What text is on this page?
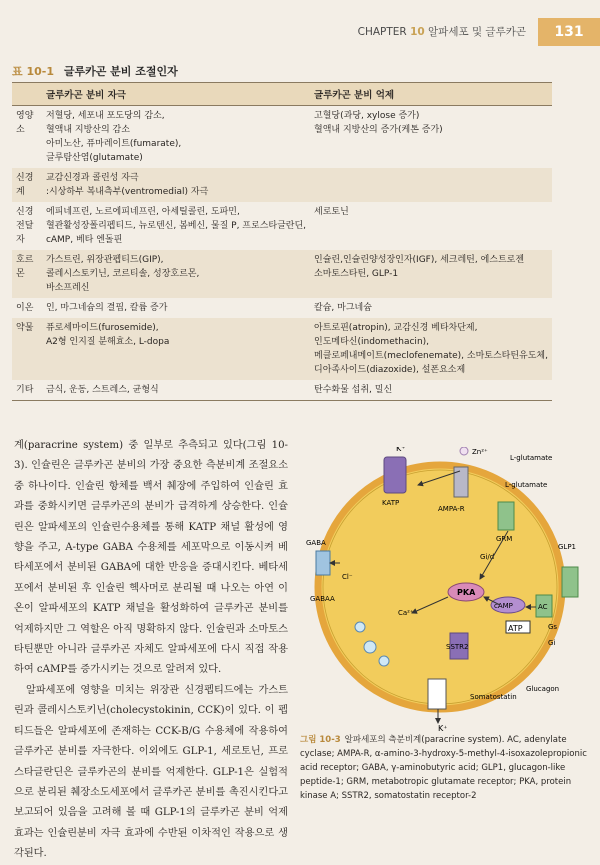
CHAPTER 10 알파세포 및 글루카곤	131
표 10-1 글루카곤 분비 조절인자
	글루카곤 분비 자극	글루카곤 분비 억제
영양소	저혈당, 세포내 포도당의 감소,
혈액내 지방산의 감소
아미노산, 퓨마레이트(fumarate),
글루탐산염(glutamate)	고혈당(과당, xylose 증가)
혈액내 지방산의 증가(케톤 증가)

신경계	교감신경과 콜린성 자극
:시상하부 복내측부(ventromedial) 자극	

신경전달자	에피네프린, 노르에피네프린, 아세틸콜린, 도파민,
혈관활성장폴리펩티드, 뉴로텐신, 봄베신, 물질 P, 프로스타글란딘,
cAMP, 베타 엔돌핀	세로토닌

호르몬	가스트린, 위장관펩티드(GIP),
콜레시스토키닌, 코르티솔, 성장호르몬,
바소프레신	인슐린,인슐린양성장인자(IGF), 세크레틴, 에스트로젠
소마토스타틴, GLP-1

이온	인, 마그네슘의 결핍, 칼륨 증가	칼슘, 마그네슘

약물	퓨로세마이드(furosemide),
A2형 인지질 분해효소, L-dopa	아트로핀(atropin), 교감신경 베타차단제,
인도메타신(indomethacin),
메클로페내메이트(meclofenemate), 소마토스타틴유도체,
디아족사이드(diazoxide), 설폰요소제

기타	금식, 운동, 스트레스, 균형식	탄수화물 섭취, 밀신

계(paracrine system) 중 일부로 추측되고 있다(그림 10-3). 인슐린은 글루카곤 분비의 가장 중요한 측분비계 조절요소 중 하나이다. 인슐린 항체를 백서 췌장에 주입하여 인슐린 효과를 중화시키면 글루카곤의 분비가 급격하게 상승한다. 인슐린은 알파세포의 인슐린수용체를 통해 KATP 채널 활성에 영향을 주고, A-type GABA 수용체를 세포막으로 이동시켜 베타세포에서 분비된 GABA에 대한 반응을 증대시킨다. 베타세포에서 분비된 후 인슐린 헥사머로 분리될 때 나오는 아연 이온이 알파세포의 KATP 채널을 활성화하여 글루카곤 분비를 억제하지만 그 역할은 아직 명확하지 않다. 인슐린과 소마토스타틴뿐만 아니라 글루카곤 자체도 알파세포에 다시 직접 작용하여 cAMP를 증가시키는 것으로 알려져 있다.

알파세포에 영향을 미치는 위장관 신경펩티드에는 가스트린과 콜레시스토키닌(cholecystokinin, CCK)이 있다. 이 펩티드들은 알파세포에 존재하는 CCK-B/G 수용체에 작용하여 글루카곤 분비를 자극한다. 이외에도 GLP-1, 세로토닌, 프로스타글란딘은 글루카곤의 분비를 억제한다. GLP-1은 실험적으로 분리된 췌장소도세포에서 글루카곤 분비를 촉진시킨다고 보고되어 있음을 고려해 볼 때 GLP-1의 글루카곤 분비 억제 효과는 인슐린분비 자극 효과에 수반된 이차적인 작용으로 생각된다.

K⁺
KATP
Zn²⁺
AMPA-R
L-glutamate
L-glutamate
GRM
Gi/d
GABA
GABAA
Cl⁻
PKA
Ca²⁺
cAMP	AC
ATP	Gs
Gi
GLP1
SSTR2
Glucagon
Somatostatin
K⁺
그림 10-3 알파세포의 측분비계(paracrine system). AC, adenylate cyclase; AMPA-R, α-amino-3-hydroxy-5-methyl-4-isoxazolepropionic acid receptor; GABA, γ-aminobutyric acid; GLP1, glucagon-like peptide-1; GRM, metabotropic glutamate receptor; PKA, protein kinase A; SSTR2, somatostatin receptor-2
